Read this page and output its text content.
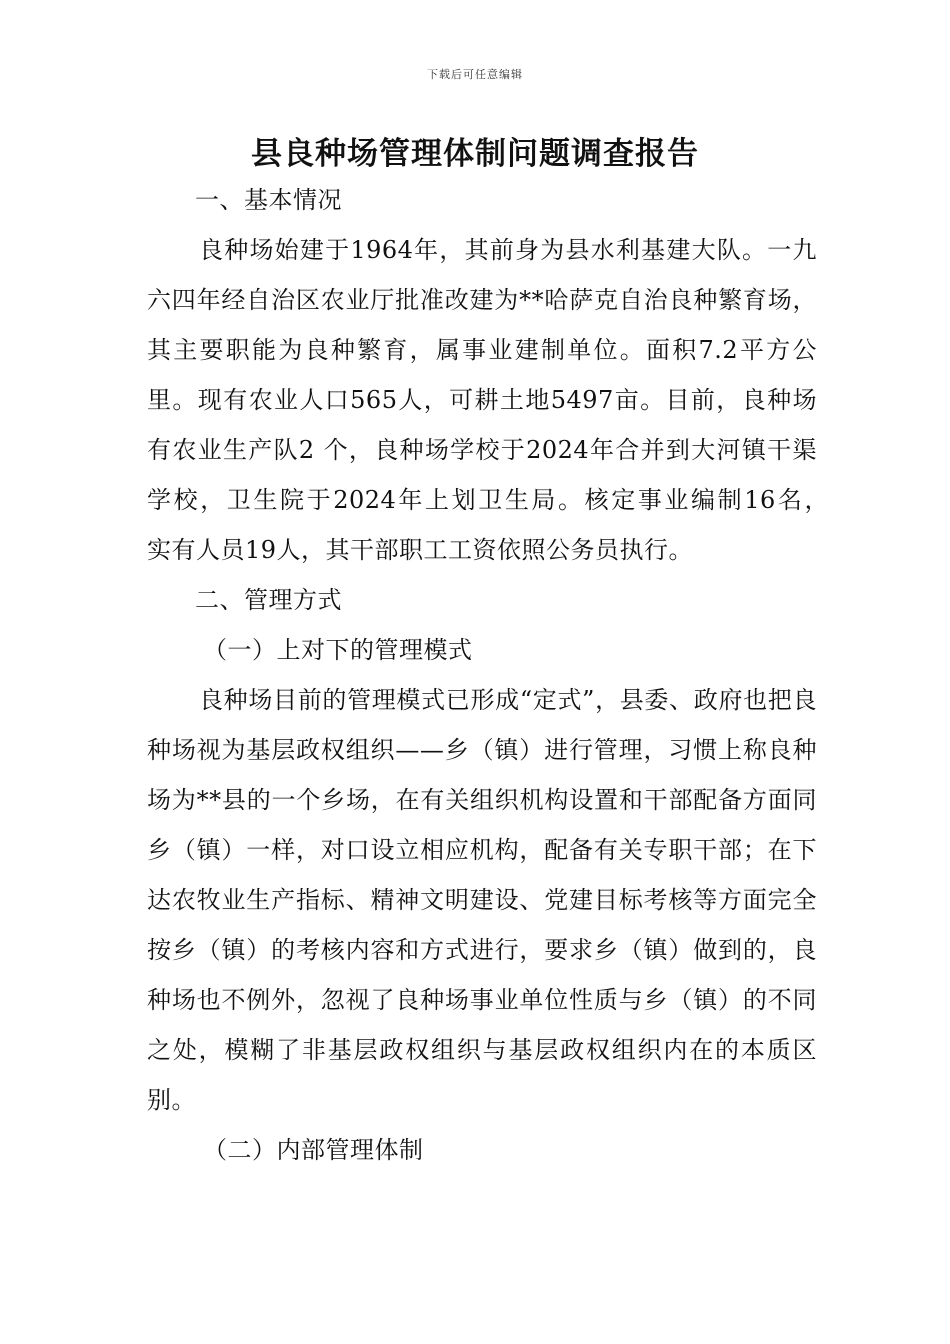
下载后可任意编辑
县良种场管理体制问题调查报告

一、基本情况

良种场始建于1964年，其前身为县水利基建大队。一九六四年经自治区农业厅批准改建为**哈萨克自治良种繁育场，其主要职能为良种繁育，属事业建制单位。面积7.2平方公里。现有农业人口565人，可耕土地5497亩。目前，良种场有农业生产队2 个，良种场学校于2024年合并到大河镇干渠学校，卫生院于2024年上划卫生局。核定事业编制16名，　实有人员19人，其干部职工工资依照公务员执行。

二、管理方式

（一）上对下的管理模式

良种场目前的管理模式已形成“定式”，县委、政府也把良种场视为基层政权组织——乡（镇）进行管理，习惯上称良种场为**县的一个乡场，在有关组织机构设置和干部配备方面同乡（镇）一样，对口设立相应机构，配备有关专职干部；在下达农牧业生产指标、精神文明建设、党建目标考核等方面完全按乡（镇）的考核内容和方式进行，要求乡（镇）做到的，良种场也不例外，忽视了良种场事业单位性质与乡（镇）的不同之处，模糊了非基层政权组织与基层政权组织内在的本质区别。

（二）内部管理体制
